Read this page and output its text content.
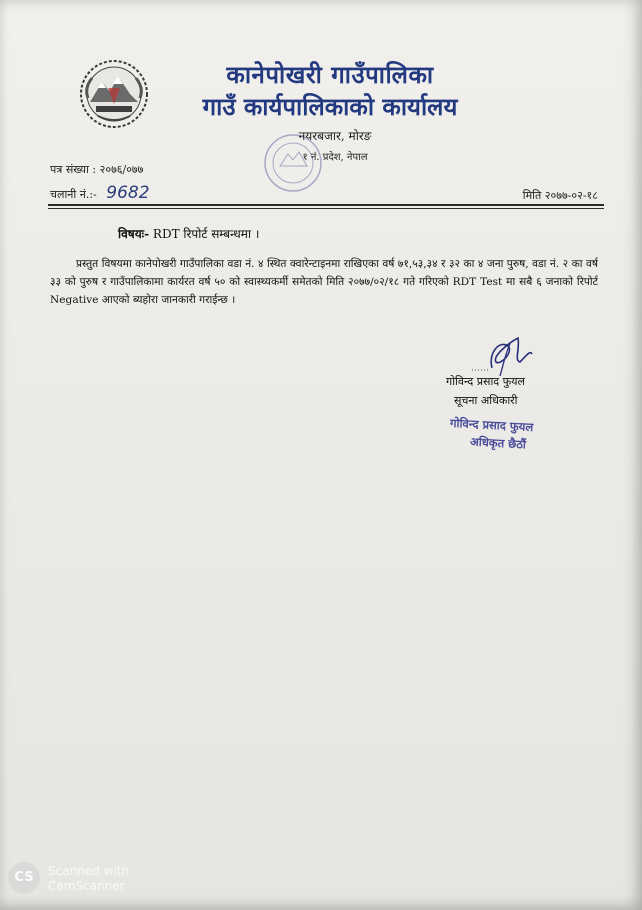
कानेपोखरी गाउँपालिका
गाउँ कार्यपालिकाको कार्यालय
नयरबजार, मोरङ
१ नं. प्रदेश, नेपाल
पत्र संख्या : २०७६/०७७
चलानी नं.:- 9682	मिति २०७७-०२-१८
विषयः- RDT रिपोर्ट सम्बन्धमा ।
प्रस्तुत विषयमा कानेपोखरी गाउँपालिका वडा नं. ४ स्थित क्वारेन्टाइनमा राखिएका वर्ष ७१,५३,३४ र ३२ का ४ जना पुरुष, वडा नं. २ का वर्ष ३३ को पुरुष र गाउँपालिकामा कार्यरत वर्ष ५० को स्वास्थ्यकर्मी समेतको मिति २०७७/०२/१८ गते गरिएको RDT Test मा सबै ६ जनाको रिपोर्ट Negative आएको ब्यहोरा जानकारी गराईन्छ ।
गोविन्द प्रसाद फुयल
सूचना अधिकारी
गोविन्द प्रसाद फुयल
अधिकृत छैठौं
CS	Scanned with
CamScanner
